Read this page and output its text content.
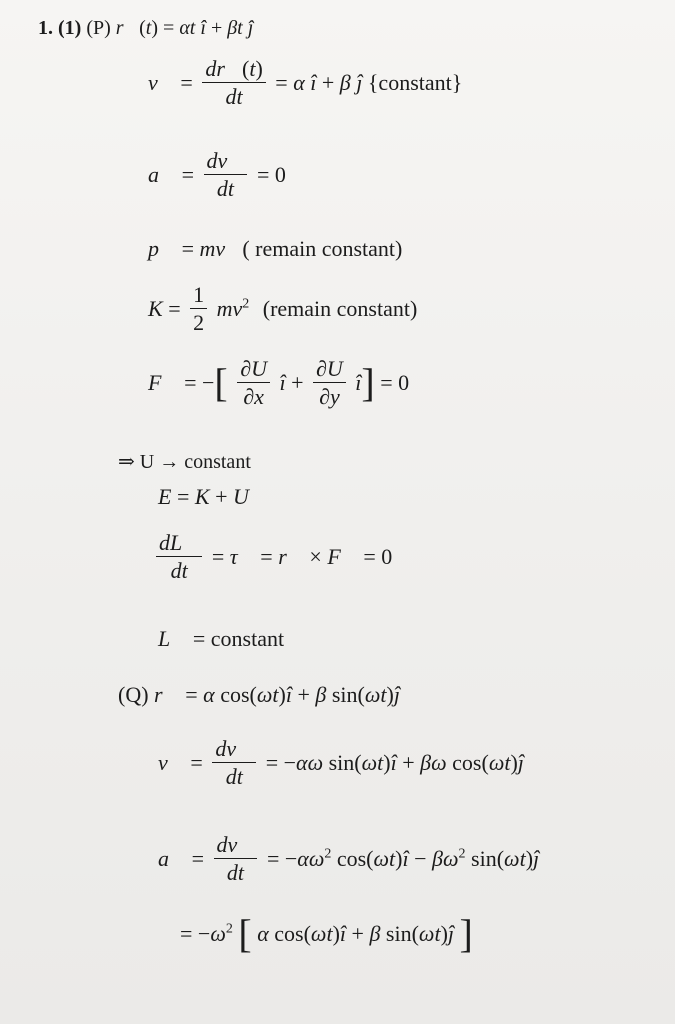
1. (1) (P) r⃗(t) = αt î + βt ĵ
v⃗ = $\frac{dr⃗(t)}{dt} = \alpha$ î + β ĵ {constant}
a⃗ = $\frac{dv⃗}{dt} = 0$
p⃗ = mv⃗( remain constant)
$K = \frac{1}{2} mv^2$ (remain constant)
F⃗ = −[ $\frac{\partial U}{\partial x}$ î + $\frac{\partial U}{\partial y}$ î] = 0
⇒ U → constant
E = K + U
$\frac{dL⃗}{dt}$ = τ⃗ = r⃗ × F⃗ = 0
L⃗ = constant
(Q) r⃗ = α cos(ωt)î + β sin(ωt)ĵ
v⃗ = $\frac{dv⃗}{dt} = -\alpha\omega$ sin(ωt)î + βω cos(ωt)ĵ
a⃗ = $\frac{dv⃗}{dt} = -\alpha\omega^2$ cos(ωt)î − $\beta\omega^2$ sin(ωt)ĵ
= $-\omega^2$ [ α cos(ωt)î + β sin(ωt)ĵ ]
